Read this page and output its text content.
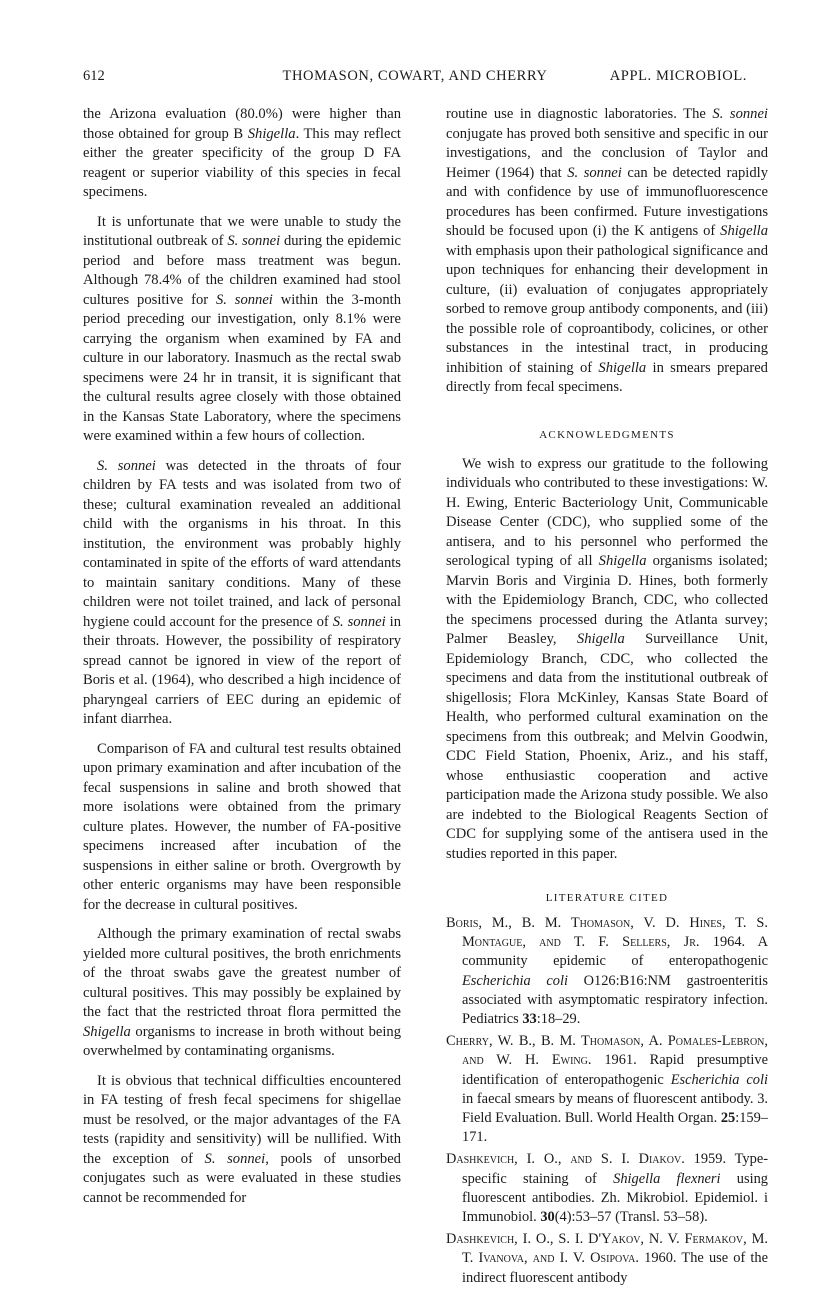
612	THOMASON, COWART, AND CHERRY	APPL. MICROBIOL.

the Arizona evaluation (80.0%) were higher than those obtained for group B Shigella. This may reflect either the greater specificity of the group D FA reagent or superior viability of this species in fecal specimens.

It is unfortunate that we were unable to study the institutional outbreak of S. sonnei during the epidemic period and before mass treatment was begun. Although 78.4% of the children examined had stool cultures positive for S. sonnei within the 3-month period preceding our investigation, only 8.1% were carrying the organism when examined by FA and culture in our laboratory. Inasmuch as the rectal swab specimens were 24 hr in transit, it is significant that the cultural results agree closely with those obtained in the Kansas State Laboratory, where the specimens were examined within a few hours of collection.

S. sonnei was detected in the throats of four children by FA tests and was isolated from two of these; cultural examination revealed an additional child with the organisms in his throat. In this institution, the environment was probably highly contaminated in spite of the efforts of ward attendants to maintain sanitary conditions. Many of these children were not toilet trained, and lack of personal hygiene could account for the presence of S. sonnei in their throats. However, the possibility of respiratory spread cannot be ignored in view of the report of Boris et al. (1964), who described a high incidence of pharyngeal carriers of EEC during an epidemic of infant diarrhea.

Comparison of FA and cultural test results obtained upon primary examination and after incubation of the fecal suspensions in saline and broth showed that more isolations were obtained from the primary culture plates. However, the number of FA-positive specimens increased after incubation of the suspensions in either saline or broth. Overgrowth by other enteric organisms may have been responsible for the decrease in cultural positives.

Although the primary examination of rectal swabs yielded more cultural positives, the broth enrichments of the throat swabs gave the greatest number of cultural positives. This may possibly be explained by the fact that the restricted throat flora permitted the Shigella organisms to increase in broth without being overwhelmed by contaminating organisms.

It is obvious that technical difficulties encountered in FA testing of fresh fecal specimens for shigellae must be resolved, or the major advantages of the FA tests (rapidity and sensitivity) will be nullified. With the exception of S. sonnei, pools of unsorbed conjugates such as were evaluated in these studies cannot be recommended for

routine use in diagnostic laboratories. The S. sonnei conjugate has proved both sensitive and specific in our investigations, and the conclusion of Taylor and Heimer (1964) that S. sonnei can be detected rapidly and with confidence by use of immunofluorescence procedures has been confirmed. Future investigations should be focused upon (i) the K antigens of Shigella with emphasis upon their pathological significance and upon techniques for enhancing their development in culture, (ii) evaluation of conjugates appropriately sorbed to remove group antibody components, and (iii) the possible role of coproantibody, colicines, or other substances in the intestinal tract, in producing inhibition of staining of Shigella in smears prepared directly from fecal specimens.

ACKNOWLEDGMENTS

We wish to express our gratitude to the following individuals who contributed to these investigations: W. H. Ewing, Enteric Bacteriology Unit, Communicable Disease Center (CDC), who supplied some of the antisera, and to his personnel who performed the serological typing of all Shigella organisms isolated; Marvin Boris and Virginia D. Hines, both formerly with the Epidemiology Branch, CDC, who collected the specimens processed during the Atlanta survey; Palmer Beasley, Shigella Surveillance Unit, Epidemiology Branch, CDC, who collected the specimens and data from the institutional outbreak of shigellosis; Flora McKinley, Kansas State Board of Health, who performed cultural examination on the specimens from this outbreak; and Melvin Goodwin, CDC Field Station, Phoenix, Ariz., and his staff, whose enthusiastic cooperation and active participation made the Arizona study possible. We also are indebted to the Biological Reagents Section of CDC for supplying some of the antisera used in the studies reported in this paper.

LITERATURE CITED

Boris, M., B. M. Thomason, V. D. Hines, T. S. Montague, and T. F. Sellers, Jr. 1964. A community epidemic of enteropathogenic Escherichia coli O126:B16:NM gastroenteritis associated with asymptomatic respiratory infection. Pediatrics 33:18–29.

Cherry, W. B., B. M. Thomason, A. Pomales-Lebron, and W. H. Ewing. 1961. Rapid presumptive identification of enteropathogenic Escherichia coli in faecal smears by means of fluorescent antibody. 3. Field Evaluation. Bull. World Health Organ. 25:159–171.

Dashkevich, I. O., and S. I. Diakov. 1959. Type-specific staining of Shigella flexneri using fluorescent antibodies. Zh. Mikrobiol. Epidemiol. i Immunobiol. 30(4):53–57 (Transl. 53–58).

Dashkevich, I. O., S. I. D'Yakov, N. V. Fermakov, M. T. Ivanova, and I. V. Osipova. 1960. The use of the indirect fluorescent antibody
